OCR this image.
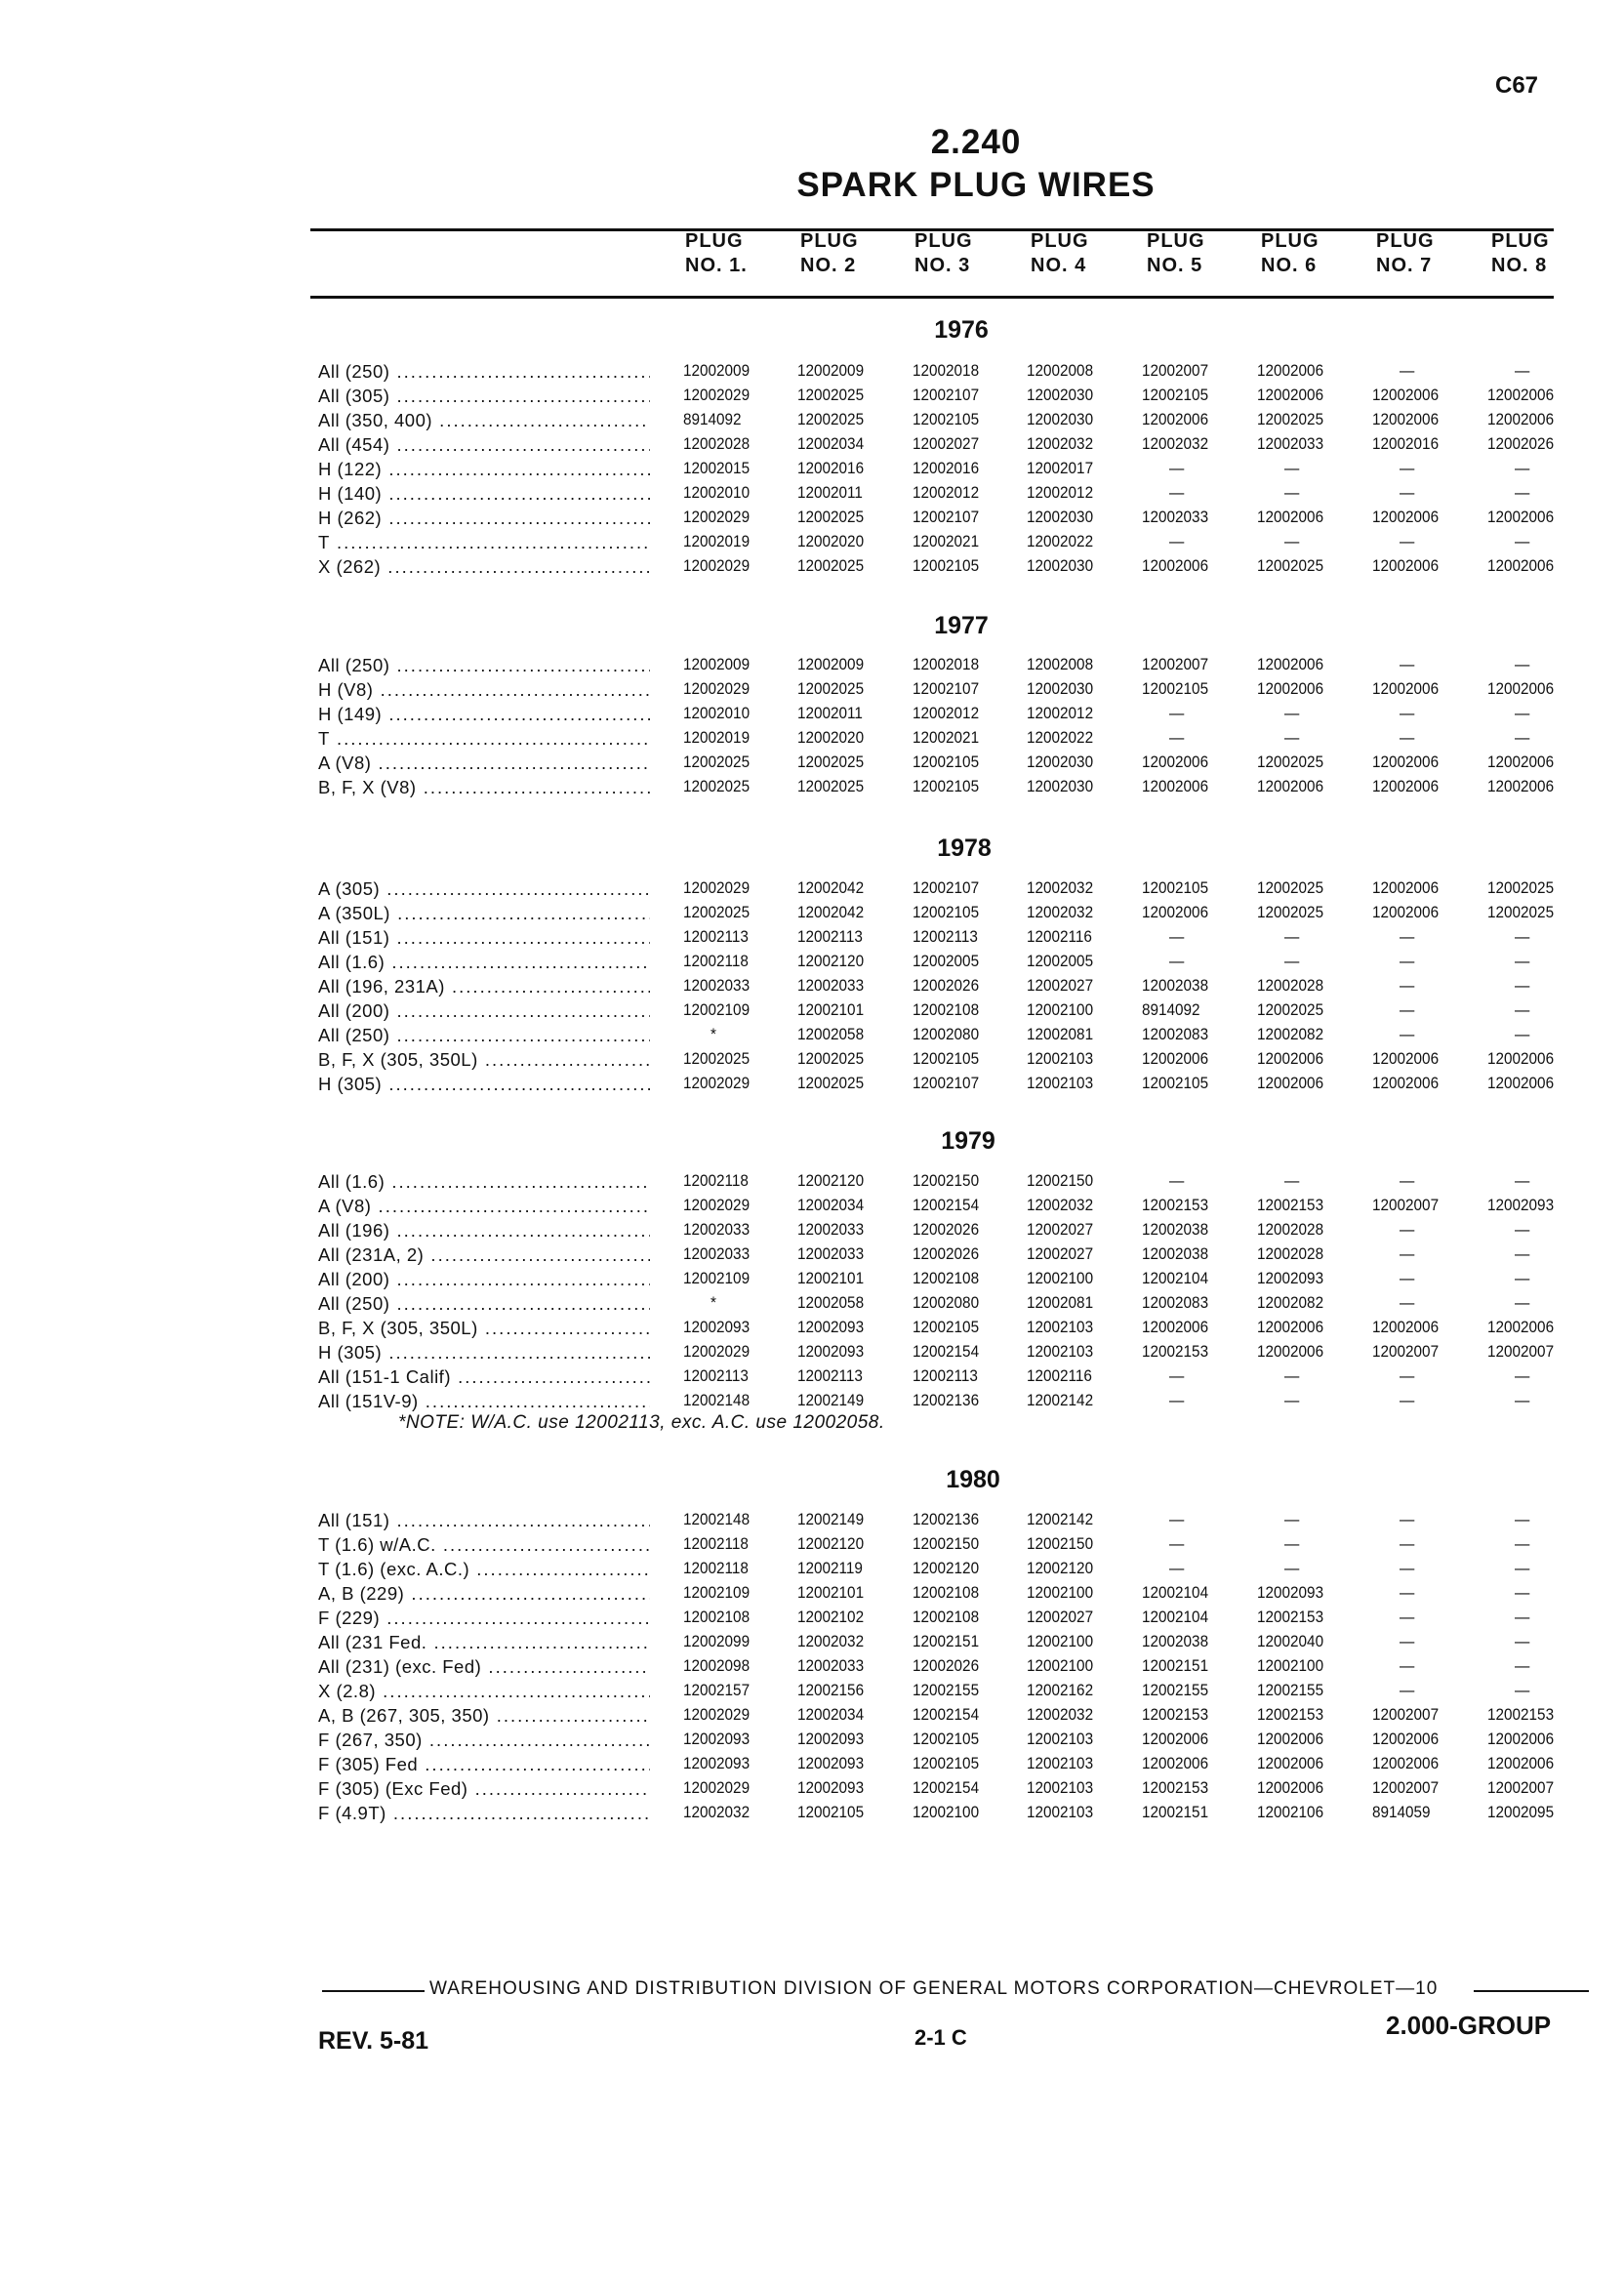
C67
2.240
SPARK PLUG WIRES
PLUG
NO. 1.
PLUG
NO. 2
PLUG
NO. 3
PLUG
NO. 4
PLUG
NO. 5
PLUG
NO. 6
PLUG
NO. 7
PLUG
NO. 8
1976
All (250) .....	12002009	12002009	12002018	12002008	12002007	12002006	—	—
All (305) .....	12002029	12002025	12002107	12002030	12002105	12002006	12002006	12002006
All (350, 400) .....	8914092	12002025	12002105	12002030	12002006	12002025	12002006	12002006
All (454) .....	12002028	12002034	12002027	12002032	12002032	12002033	12002016	12002026
H (122) .....	12002015	12002016	12002016	12002017	—	—	—	—
H (140) .....	12002010	12002011	12002012	12002012	—	—	—	—
H (262) .....	12002029	12002025	12002107	12002030	12002033	12002006	12002006	12002006
T .....	12002019	12002020	12002021	12002022	—	—	—	—
X (262) .....	12002029	12002025	12002105	12002030	12002006	12002025	12002006	12002006
1977
All (250) .....	12002009	12002009	12002018	12002008	12002007	12002006	—	—
H (V8) .....	12002029	12002025	12002107	12002030	12002105	12002006	12002006	12002006
H (149) .....	12002010	12002011	12002012	12002012	—	—	—	—
T .....	12002019	12002020	12002021	12002022	—	—	—	—
A (V8) .....	12002025	12002025	12002105	12002030	12002006	12002025	12002006	12002006
B, F, X (V8) .....	12002025	12002025	12002105	12002030	12002006	12002006	12002006	12002006
1978
A (305) .....	12002029	12002042	12002107	12002032	12002105	12002025	12002006	12002025
A (350L) .....	12002025	12002042	12002105	12002032	12002006	12002025	12002006	12002025
All (151) .....	12002113	12002113	12002113	12002116	—	—	—	—
All (1.6) .....	12002118	12002120	12002005	12002005	—	—	—	—
All (196, 231A) .....	12002033	12002033	12002026	12002027	12002038	12002028	—	—
All (200) .....	12002109	12002101	12002108	12002100	8914092	12002025	—	—
All (250) .....	*	12002058	12002080	12002081	12002083	12002082	—	—
B, F, X (305, 350L) .....	12002025	12002025	12002105	12002103	12002006	12002006	12002006	12002006
H (305) .....	12002029	12002025	12002107	12002103	12002105	12002006	12002006	12002006
1979
All (1.6) .....	12002118	12002120	12002150	12002150	—	—	—	—
A (V8) .....	12002029	12002034	12002154	12002032	12002153	12002153	12002007	12002093
All (196) .....	12002033	12002033	12002026	12002027	12002038	12002028	—	—
All (231A, 2) .....	12002033	12002033	12002026	12002027	12002038	12002028	—	—
All (200) .....	12002109	12002101	12002108	12002100	12002104	12002093	—	—
All (250) .....	*	12002058	12002080	12002081	12002083	12002082	—	—
B, F, X (305, 350L) .....	12002093	12002093	12002105	12002103	12002006	12002006	12002006	12002006
H (305) .....	12002029	12002093	12002154	12002103	12002153	12002006	12002007	12002007
All (151-1 Calif) .....	12002113	12002113	12002113	12002116	—	—	—	—
All (151V-9) .....	12002148	12002149	12002136	12002142	—	—	—	—
1980
All (151) .....	12002148	12002149	12002136	12002142	—	—	—	—
T (1.6) w/A.C. .....	12002118	12002120	12002150	12002150	—	—	—	—
T (1.6) (exc. A.C.) .....	12002118	12002119	12002120	12002120	—	—	—	—
A, B (229) .....	12002109	12002101	12002108	12002100	12002104	12002093	—	—
F (229) .....	12002108	12002102	12002108	12002027	12002104	12002153	—	—
All (231 Fed. .....	12002099	12002032	12002151	12002100	12002038	12002040	—	—
All (231) (exc. Fed) .....	12002098	12002033	12002026	12002100	12002151	12002100	—	—
X (2.8) .....	12002157	12002156	12002155	12002162	12002155	12002155	—	—
A, B (267, 305, 350) .....	12002029	12002034	12002154	12002032	12002153	12002153	12002007	12002153
F (267, 350) .....	12002093	12002093	12002105	12002103	12002006	12002006	12002006	12002006
F (305) Fed .....	12002093	12002093	12002105	12002103	12002006	12002006	12002006	12002006
F (305) (Exc Fed) .....	12002029	12002093	12002154	12002103	12002153	12002006	12002007	12002007
F (4.9T) .....	12002032	12002105	12002100	12002103	12002151	12002106	8914059	12002095
*NOTE: W/A.C. use 12002113, exc. A.C. use 12002058.
WAREHOUSING AND DISTRIBUTION DIVISION OF GENERAL MOTORS CORPORATION—CHEVROLET—10
REV. 5-81	2-1 C	2.000-GROUP
